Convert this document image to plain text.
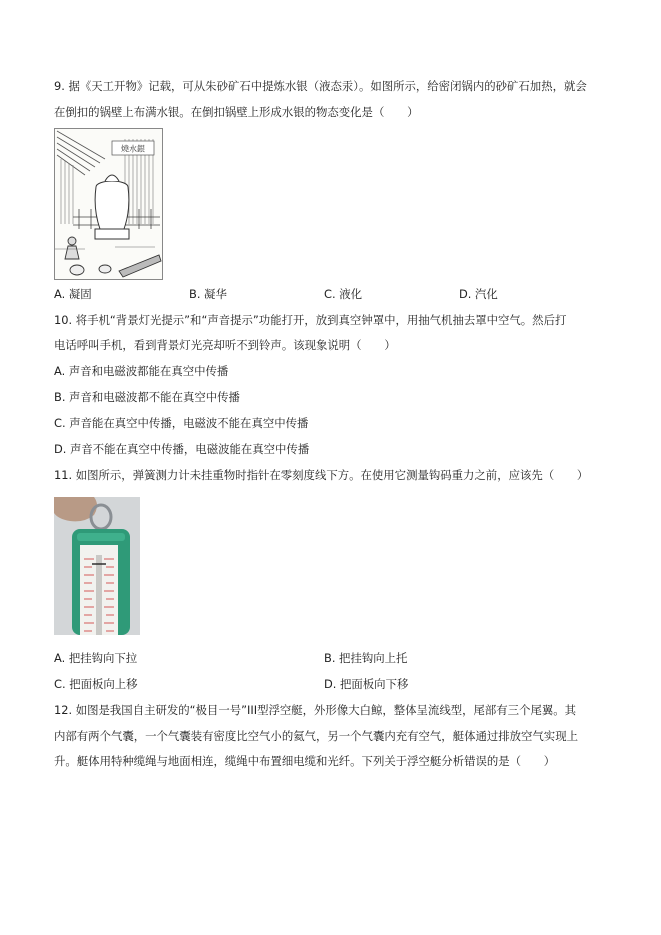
9. 据《天工开物》记载，可从朱砂矿石中提炼水银（液态汞）。如图所示，给密闭锅内的砂矿石加热，就会
在倒扣的锅壁上布满水银。在倒扣锅壁上形成水银的物态变化是（　　）
燒水銀
A. 凝固	B. 凝华	C. 液化	D. 汽化
10. 将手机“背景灯光提示”和“声音提示”功能打开，放到真空钟罩中，用抽气机抽去罩中空气。然后打
电话呼叫手机，看到背景灯光亮却听不到铃声。该现象说明（　　）
A. 声音和电磁波都能在真空中传播
B. 声音和电磁波都不能在真空中传播
C. 声音能在真空中传播，电磁波不能在真空中传播
D. 声音不能在真空中传播，电磁波能在真空中传播
11. 如图所示，弹簧测力计未挂重物时指针在零刻度线下方。在使用它测量钩码重力之前，应该先（　　）
A. 把挂钩向下拉	B. 把挂钩向上托
C. 把面板向上移	D. 把面板向下移
12. 如图是我国自主研发的“极目一号”III型浮空艇，外形像大白鲸，整体呈流线型，尾部有三个尾翼。其
内部有两个气囊，一个气囊装有密度比空气小的氦气，另一个气囊内充有空气，艇体通过排放空气实现上
升。艇体用特种缆绳与地面相连，缆绳中布置细电缆和光纤。下列关于浮空艇分析错误的是（　　）
